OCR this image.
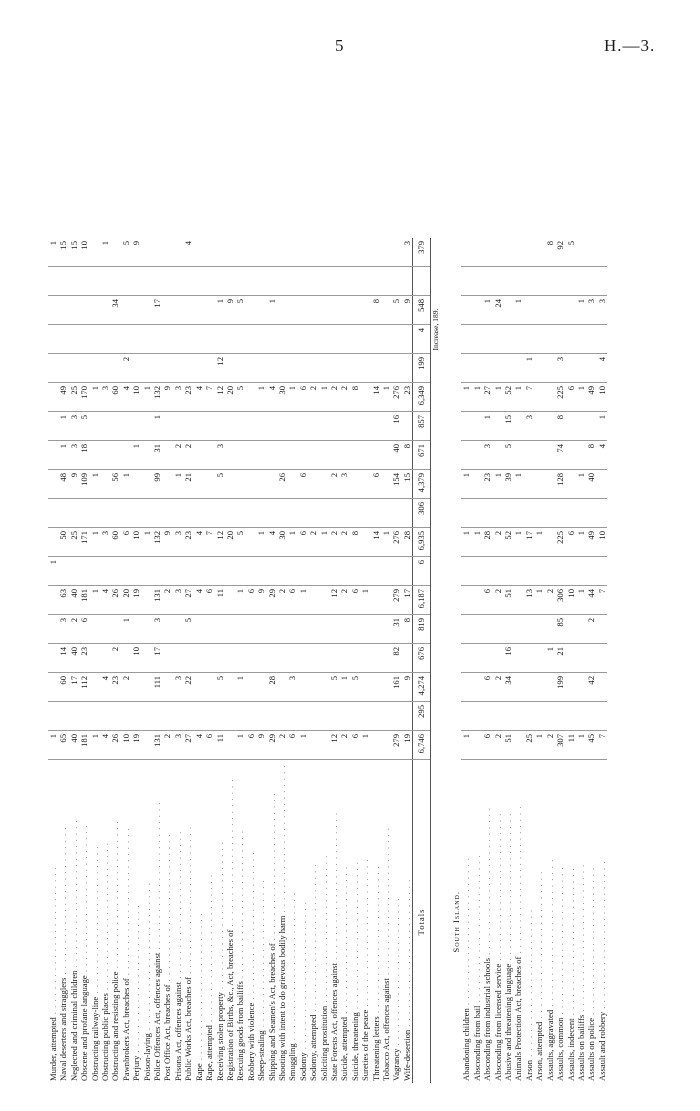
5	H.—3.
Murder, attempted . . . . . . . . . . . . . . . . . . . . . . . .	1						1											1
Naval deserters and stragglers . . . . . . . . . . . . . . . . . . . . . . . .	65		60	14	3	63		50		48	1	1	49					15
Neglected and criminal children . . . . . . . . . . . . . . . . . . . . . . . .	40		17	40	2	40		25		9	3	3	25					15
Obscene and profane language . . . . . . . . . . . . . . . . . . . . . . . .	181		112	23	6	181		171		109	18	5	170					10
Obstructing railway-line . . . . . . . . . . . . . . . . . . . . . . . .	1					1		1		1			1					
Obstructing public places . . . . . . . . . . . . . . . . . . . . . . . .	4		4			4		3					3					1
Obstructing and resisting police . . . . . . . . . . . . . . . . . . . . . . . .	26		23	2		26		60		56			60			34		
Pawnbrokers Act, breaches of . . . . . . . . . . . . . . . . . . . . . . . .	10		2		1	20		6		1			4	2				5
Perjury . . . . . . . . . . . . . . . . . . . . . . . .	19			10		19		10			1		10					9
Poison-laying . . . . . . . . . . . . . . . . . . . . . . . .								1					1					
Police Offences Act, offences against . . . . . . . . . . . . . . . . . . . . . . . .	131		111	17	3	131		132		99	31	1	132			17		
Post Office Act, breaches of . . . . . . . . . . . . . . . . . . . . . . . .	2					2		9					9					
Prisons Act, offences against . . . . . . . . . . . . . . . . . . . . . . . .	3		3			3		3		1	2		3					
Public Works Act, breaches of . . . . . . . . . . . . . . . . . . . . . . . .	27		22		5	27		23		21	2		23					4
Rape . . . . . . . . . . . . . . . . . . . . . . . .	4					4		4					4					
Rape, attempted . . . . . . . . . . . . . . . . . . . . . . . .	6					6		7					7					
Receiving stolen property . . . . . . . . . . . . . . . . . . . . . . . .	11		5			11		12		5	3		12	12		1		
Registration of Births, &c., Act, breaches of . . . . . . . . . . . . . . . . . . . . . . . .								20					20			9		
Rescuing goods from bailiffs . . . . . . . . . . . . . . . . . . . . . . . .	1		1			1		5					5			5		
Robbery with violence . . . . . . . . . . . . . . . . . . . . . . . .	6					6												
Sheep-stealing . . . . . . . . . . . . . . . . . . . . . . . .	9					9		1					1					
Shipping and Seamen's Act, breaches of . . . . . . . . . . . . . . . . . . . . . . . .	29		28			29		4					4			1		
Shooting with intent to do grievous bodily harm . . . . . . . . . . . . . . . . . . . . . . . .	2					2		30		26			30					
Smuggling . . . . . . . . . . . . . . . . . . . . . . . .	6		3			6		1					1					
Sodomy . . . . . . . . . . . . . . . . . . . . . . . .	1					1		6		6			6					
Sodomy, attempted . . . . . . . . . . . . . . . . . . . . . . . .								2					2					
Soliciting prostitution . . . . . . . . . . . . . . . . . . . . . . . .								1					1					
State Forests Act, offences against . . . . . . . . . . . . . . . . . . . . . . . .	12		5			12		2		2			2					
Suicide, attempted . . . . . . . . . . . . . . . . . . . . . . . .	2		1			2		2		3			2					
Suicide, threatening . . . . . . . . . . . . . . . . . . . . . . . .	6		5			6		8					8					
Sureties of the peace . . . . . . . . . . . . . . . . . . . . . . . .	1					1												
Threatening letters . . . . . . . . . . . . . . . . . . . . . . . .								14		6			14			8		
Tobacco Act, offences against . . . . . . . . . . . . . . . . . . . . . . . .								1					1					
Vagrancy . . . . . . . . . . . . . . . . . . . . . . . .	279		161	82	31	279		276		154	40	16	276			5		
Wife-desertion . . . . . . . . . . . . . . . . . . . . . . . .	19		9		8	17		28		15	8		23			9		3
Totals	6,746	295	4,274	676	819	6,187	6	6,935	306	4,379	671	857	6,349	199	4	548		379
															Increase, 189.			
South Island.																		
Abandoning children . . . . . . . . . . . . . . . . . . . . . . . .	1							1		1			1					
Absconding from bail . . . . . . . . . . . . . . . . . . . . . . . .								1					1					
Absconding from industrial schools . . . . . . . . . . . . . . . . . . . . . . . .	6		6			6		28		23	3	1	27			1		
Absconding from licensed service . . . . . . . . . . . . . . . . . . . . . . . .	2		2			2		2		1			1			24		
Abusive and threatening language . . . . . . . . . . . . . . . . . . . . . . . .	51		34	16		51		52		39	5	15	52					
Animals Protection Act, breaches of . . . . . . . . . . . . . . . . . . . . . . . .								1		1			1			1		
Arson . . . . . . . . . . . . . . . . . . . . . . . .	25					13		17				3	7	1				
Arson, attempted . . . . . . . . . . . . . . . . . . . . . . . .	1					1		1										
Assaults, aggravated . . . . . . . . . . . . . . . . . . . . . . . .	2			1		2												8
Assaults, common . . . . . . . . . . . . . . . . . . . . . . . .	307		199	21	85	306		225		128	74	8	225	3				92
Assaults, indecent . . . . . . . . . . . . . . . . . . . . . . . .	11					10		6					6					5
Assaults on bailiffs . . . . . . . . . . . . . . . . . . . . . . . .	1					1		1		1			1			1		
Assaults on police . . . . . . . . . . . . . . . . . . . . . . . .	45		42		2	44		49		40	8		49			3		
Assault and robbery . . . . . . . . . . . . . . . . . . . . . . . .	7					7		10			4	1	10	4		3		
